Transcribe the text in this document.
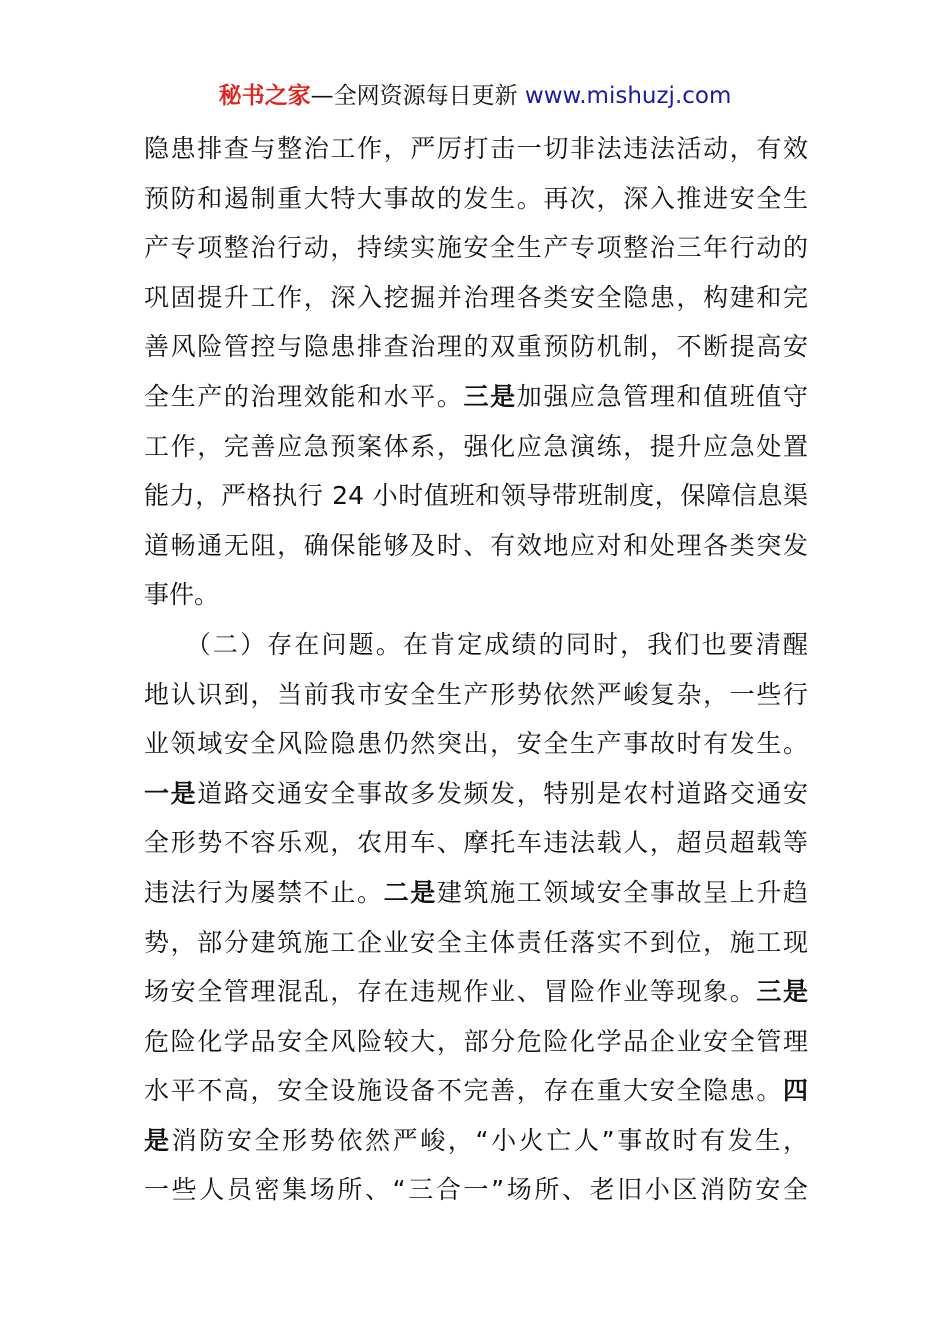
秘书之家—全网资源每日更新 www.mishuzj.com
隐患排查与整治工作，严厉打击一切非法违法活动，有效
预防和遏制重大特大事故的发生。再次，深入推进安全生
产专项整治行动，持续实施安全生产专项整治三年行动的
巩固提升工作，深入挖掘并治理各类安全隐患，构建和完
善风险管控与隐患排查治理的双重预防机制，不断提高安
全生产的治理效能和水平。三是加强应急管理和值班值守
工作，完善应急预案体系，强化应急演练，提升应急处置
能力，严格执行 24 小时值班和领导带班制度，保障信息渠
道畅通无阻，确保能够及时、有效地应对和处理各类突发
事件。
　　（二）存在问题。在肯定成绩的同时，我们也要清醒
地认识到，当前我市安全生产形势依然严峻复杂，一些行
业领域安全风险隐患仍然突出，安全生产事故时有发生。
一是道路交通安全事故多发频发，特别是农村道路交通安
全形势不容乐观，农用车、摩托车违法载人，超员超载等
违法行为屡禁不止。二是建筑施工领域安全事故呈上升趋
势，部分建筑施工企业安全主体责任落实不到位，施工现
场安全管理混乱，存在违规作业、冒险作业等现象。三是
危险化学品安全风险较大，部分危险化学品企业安全管理
水平不高，安全设施设备不完善，存在重大安全隐患。四
是消防安全形势依然严峻，“小火亡人”事故时有发生，
一些人员密集场所、“三合一”场所、老旧小区消防安全
